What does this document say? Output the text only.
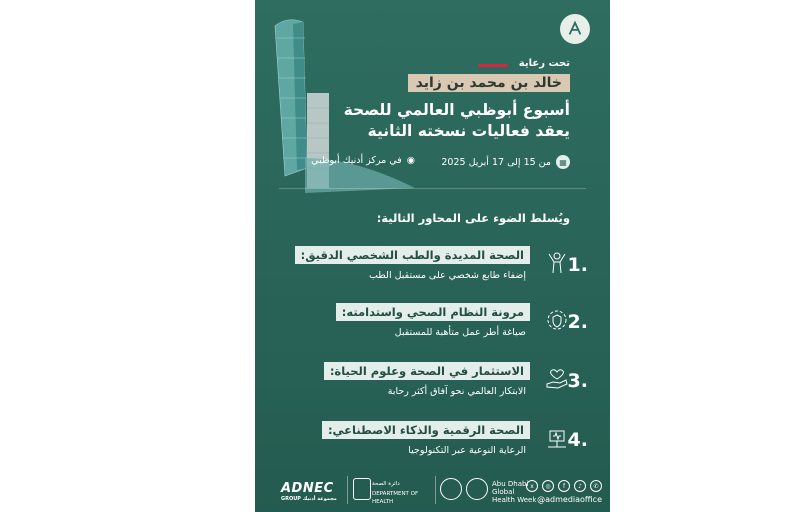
تحت رعاية
خالد بن محمد بن زايد
أسبوع أبوظبي العالمي للصحة
يعقد فعاليات نسخته الثانية
▦
من 15 إلى 17 أبريل 2025
◉
في مركز أدنيك أبوظبي
ويُسلط الضوء على المحاور التالية:
1.
الصحة المديدة والطب الشخصي الدقيق:
إضفاء طابع شخصي على مستقبل الطب
2.
مرونة النظام الصحي واستدامته:
صياغة أطر عمل متأهبة للمستقبل
3.
الاستثمار في الصحة وعلوم الحياة:
الابتكار العالمي نحو آفاق أكثر رحابة
4.
الصحة الرقمية والذكاء الاصطناعي:
الرعاية النوعية عبر التكنولوجيا
ADNEC
GROUP مجموعة أدنيك
دائرة الصحة
DEPARTMENT OF HEALTH
Abu Dhabi Global
Health Week
x	◎	f	♪	✆
@admediaoffice
